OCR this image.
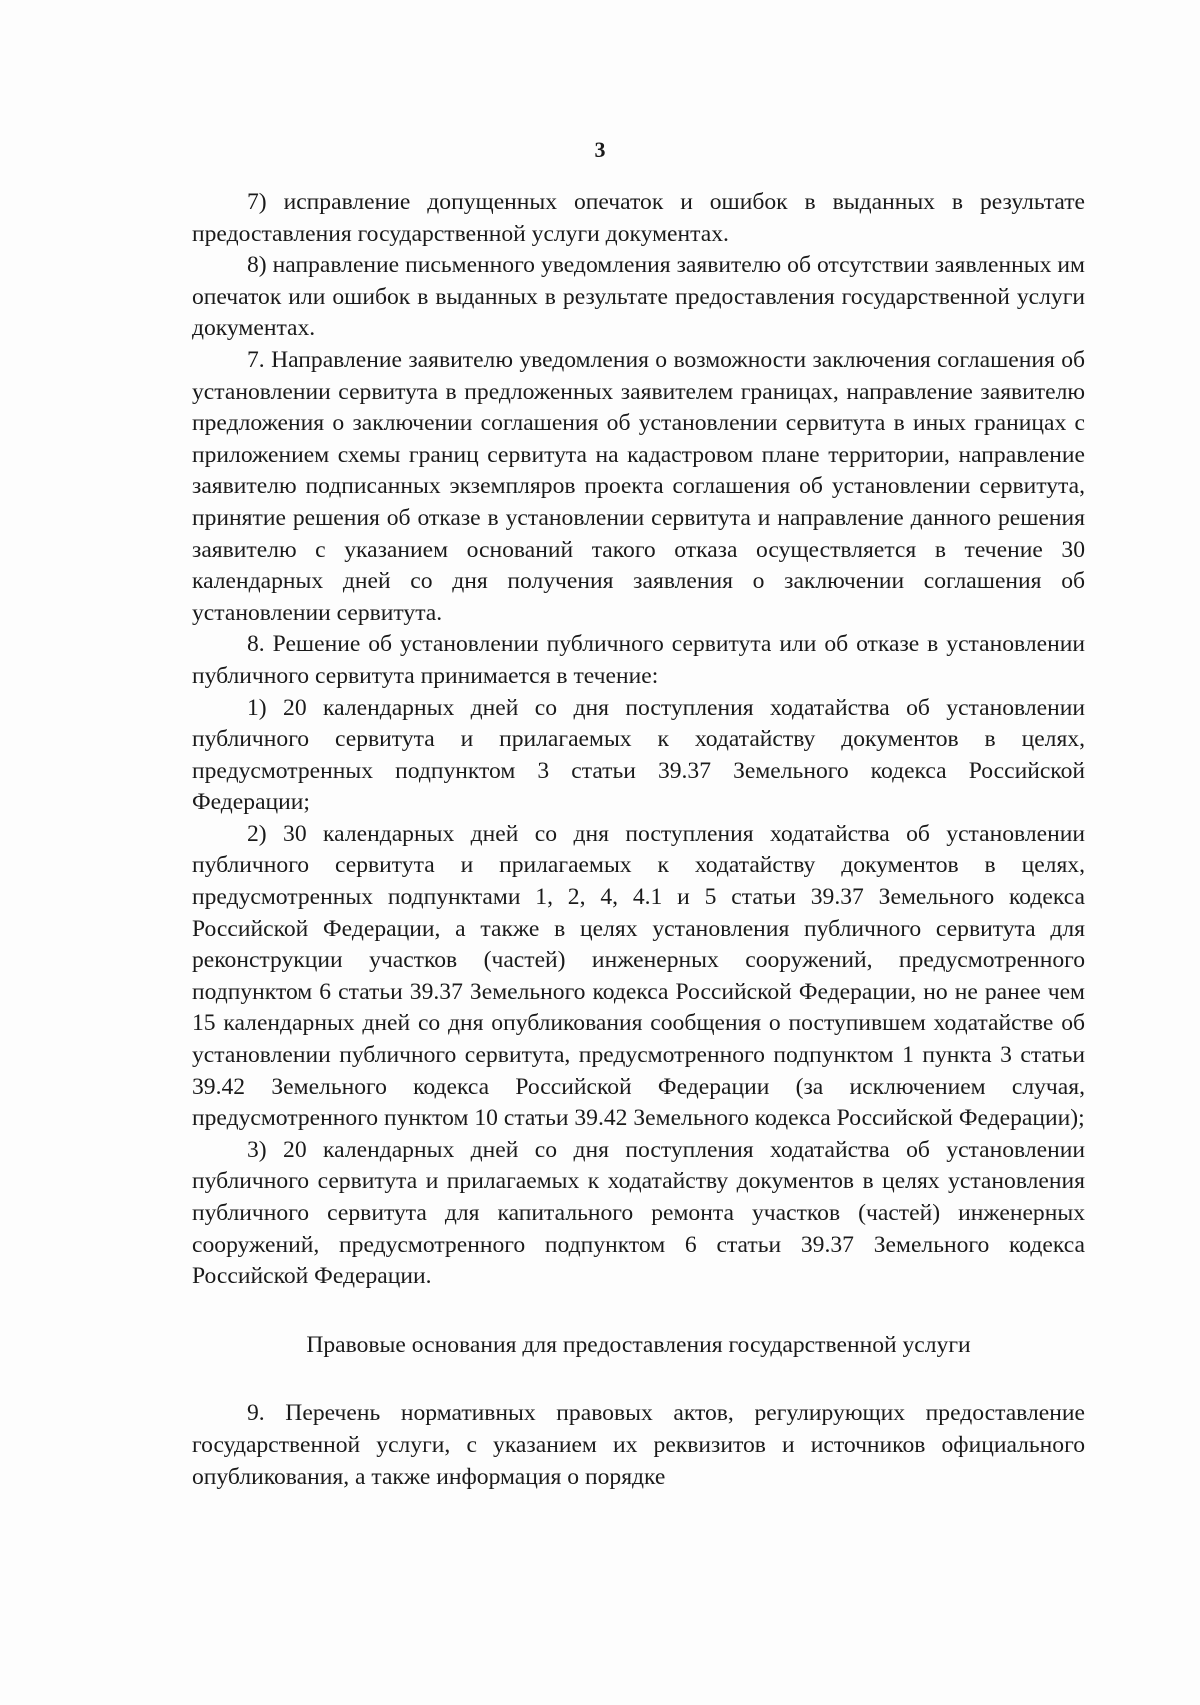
3

7) исправление допущенных опечаток и ошибок в выданных в результате предоставления государственной услуги документах.

8) направление письменного уведомления заявителю об отсутствии заявленных им опечаток или ошибок в выданных в результате предоставления государственной услуги документах.

7. Направление заявителю уведомления о возможности заключения соглашения об установлении сервитута в предложенных заявителем границах, направление заявителю предложения о заключении соглашения об установлении сервитута в иных границах с приложением схемы границ сервитута на кадастровом плане территории, направление заявителю подписанных экземпляров проекта соглашения об установлении сервитута, принятие решения об отказе в установлении сервитута и направление данного решения заявителю с указанием оснований такого отказа осуществляется в течение 30 календарных дней со дня получения заявления о заключении соглашения об установлении сервитута.

8. Решение об установлении публичного сервитута или об отказе в установлении публичного сервитута принимается в течение:

1) 20 календарных дней со дня поступления ходатайства об установлении публичного сервитута и прилагаемых к ходатайству документов в целях, предусмотренных подпунктом 3 статьи 39.37 Земельного кодекса Российской Федерации;

2) 30 календарных дней со дня поступления ходатайства об установлении публичного сервитута и прилагаемых к ходатайству документов в целях, предусмотренных подпунктами 1, 2, 4, 4.1 и 5 статьи 39.37 Земельного кодекса Российской Федерации, а также в целях установления публичного сервитута для реконструкции участков (частей) инженерных сооружений, предусмотренного подпунктом 6 статьи 39.37 Земельного кодекса Российской Федерации, но не ранее чем 15 календарных дней со дня опубликования сообщения о поступившем ходатайстве об установлении публичного сервитута, предусмотренного подпунктом 1 пункта 3 статьи 39.42 Земельного кодекса Российской Федерации (за исключением случая, предусмотренного пунктом 10 статьи 39.42 Земельного кодекса Российской Федерации);

3) 20 календарных дней со дня поступления ходатайства об установлении публичного сервитута и прилагаемых к ходатайству документов в целях установления публичного сервитута для капитального ремонта участков (частей) инженерных сооружений, предусмотренного подпунктом 6 статьи 39.37 Земельного кодекса Российской Федерации.

Правовые основания для предоставления государственной услуги

9. Перечень нормативных правовых актов, регулирующих предоставление государственной услуги, с указанием их реквизитов и источников официального опубликования, а также информация о порядке
